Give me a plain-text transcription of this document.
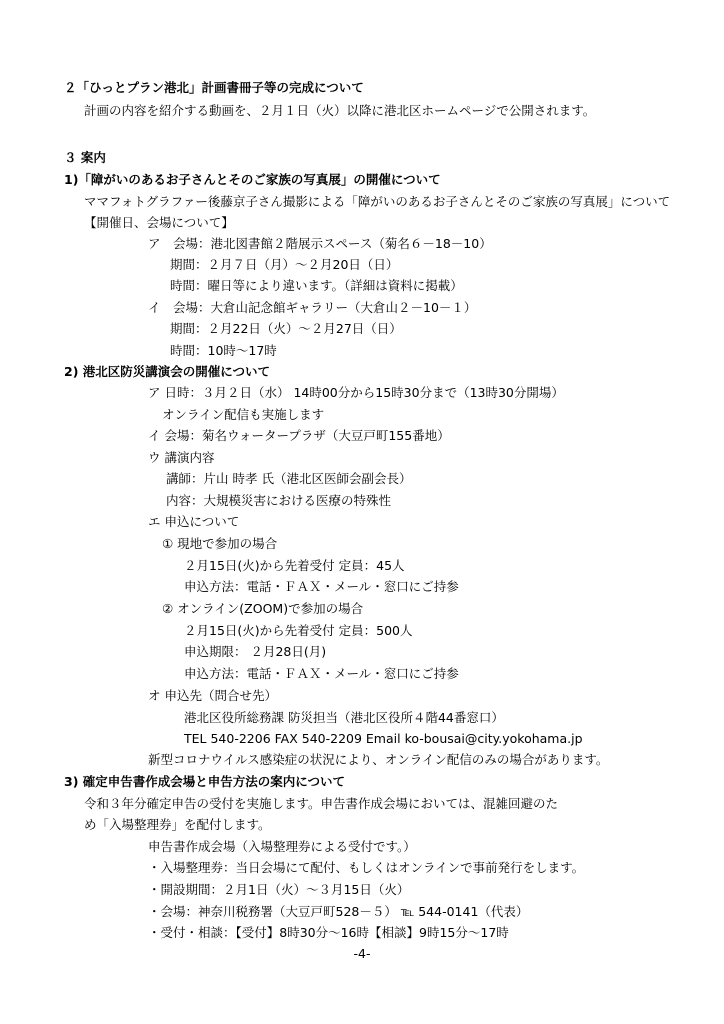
２「ひっとプラン港北」計画書冊子等の完成について
計画の内容を紹介する動画を、２月１日（火）以降に港北区ホームページで公開されます。
３ 案内
1)「障がいのあるお子さんとそのご家族の写真展」の開催について
ママフォトグラファー後藤京子さん撮影による「障がいのあるお子さんとそのご家族の写真展」について
【開催日、会場について】
ア　会場：港北図書館２階展示スペース（菊名６－18－10）
期間：２月７日（月）～２月20日（日）
時間：曜日等により違います。（詳細は資料に掲載）
イ　会場：大倉山記念館ギャラリー（大倉山２－10－１）
期間：２月22日（火）～２月27日（日）
時間：10時～17時
2) 港北区防災講演会の開催について
ア 日時：３月２日（水） 14時00分から15時30分まで（13時30分開場）
オンライン配信も実施します
イ 会場：菊名ウォータープラザ（大豆戸町155番地）
ウ 講演内容
講師：片山 時孝 氏（港北区医師会副会長）
内容：大規模災害における医療の特殊性
エ 申込について
① 現地で参加の場合
２月15日(火)から先着受付 定員：45人
申込方法：電話・ＦＡＸ・メール・窓口にご持参
② オンライン(ZOOM)で参加の場合
２月15日(火)から先着受付 定員：500人
申込期限： ２月28日(月)
申込方法：電話・ＦＡＸ・メール・窓口にご持参
オ 申込先（問合せ先）
港北区役所総務課 防災担当（港北区役所４階44番窓口）
TEL 540-2206 FAX 540-2209 Email ko-bousai@city.yokohama.jp
新型コロナウイルス感染症の状況により、オンライン配信のみの場合があります。
3) 確定申告書作成会場と申告方法の案内について
令和３年分確定申告の受付を実施します。申告書作成会場においては、混雑回避のた
め「入場整理券」を配付します。
申告書作成会場（入場整理券による受付です。）
・入場整理券：当日会場にて配付、もしくはオンラインで事前発行をします。
・開設期間：２月1日（火）～３月15日（火）
・会場：神奈川税務署（大豆戸町528－５） ℡ 544-0141（代表）
・受付・相談：【受付】8時30分～16時【相談】9時15分～17時
-4-
